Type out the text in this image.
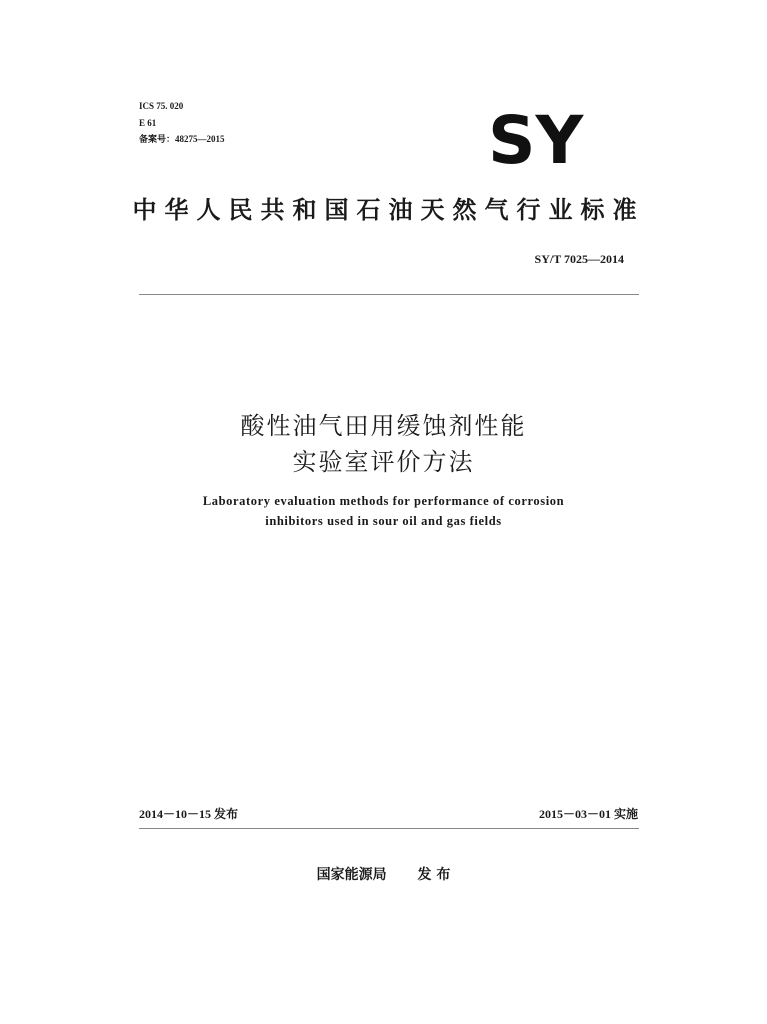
ICS 75. 020
E 61
备案号：48275—2015	SY
中华人民共和国石油天然气行业标准
SY/T 7025—2014
酸性油气田用缓蚀剂性能
实验室评价方法
Laboratory evaluation methods for performance of corrosion
inhibitors used in sour oil and gas fields
2014－10－15 发布	2015－03－01 实施
国家能源局 发 布
